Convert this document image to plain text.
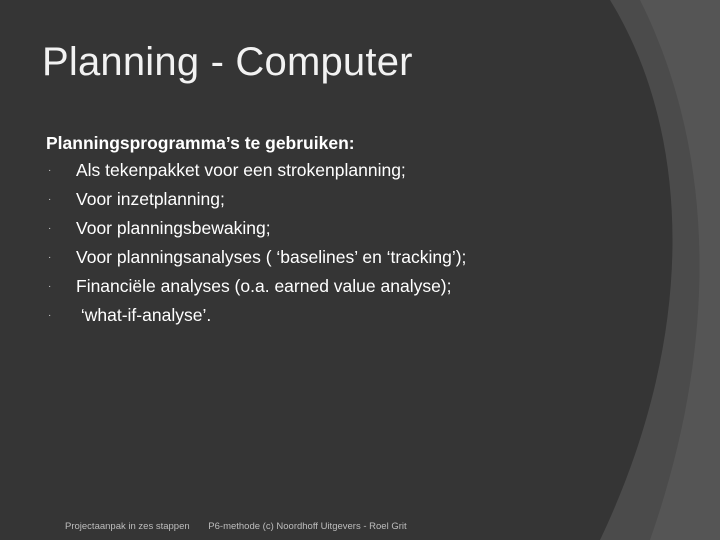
Planning - Computer
Planningsprogramma’s te gebruiken:
·	Als tekenpakket voor een strokenplanning;
·	Voor inzetplanning;
·	Voor planningsbewaking;
·	Voor planningsanalyses ( ‘baselines’ en ‘tracking’);
·	Financiële analyses (o.a. earned value analyse);
·	‘what-if-analyse’.
Projectaanpak in zes stappen P6-methode (c) Noordhoff Uitgevers - Roel Grit
